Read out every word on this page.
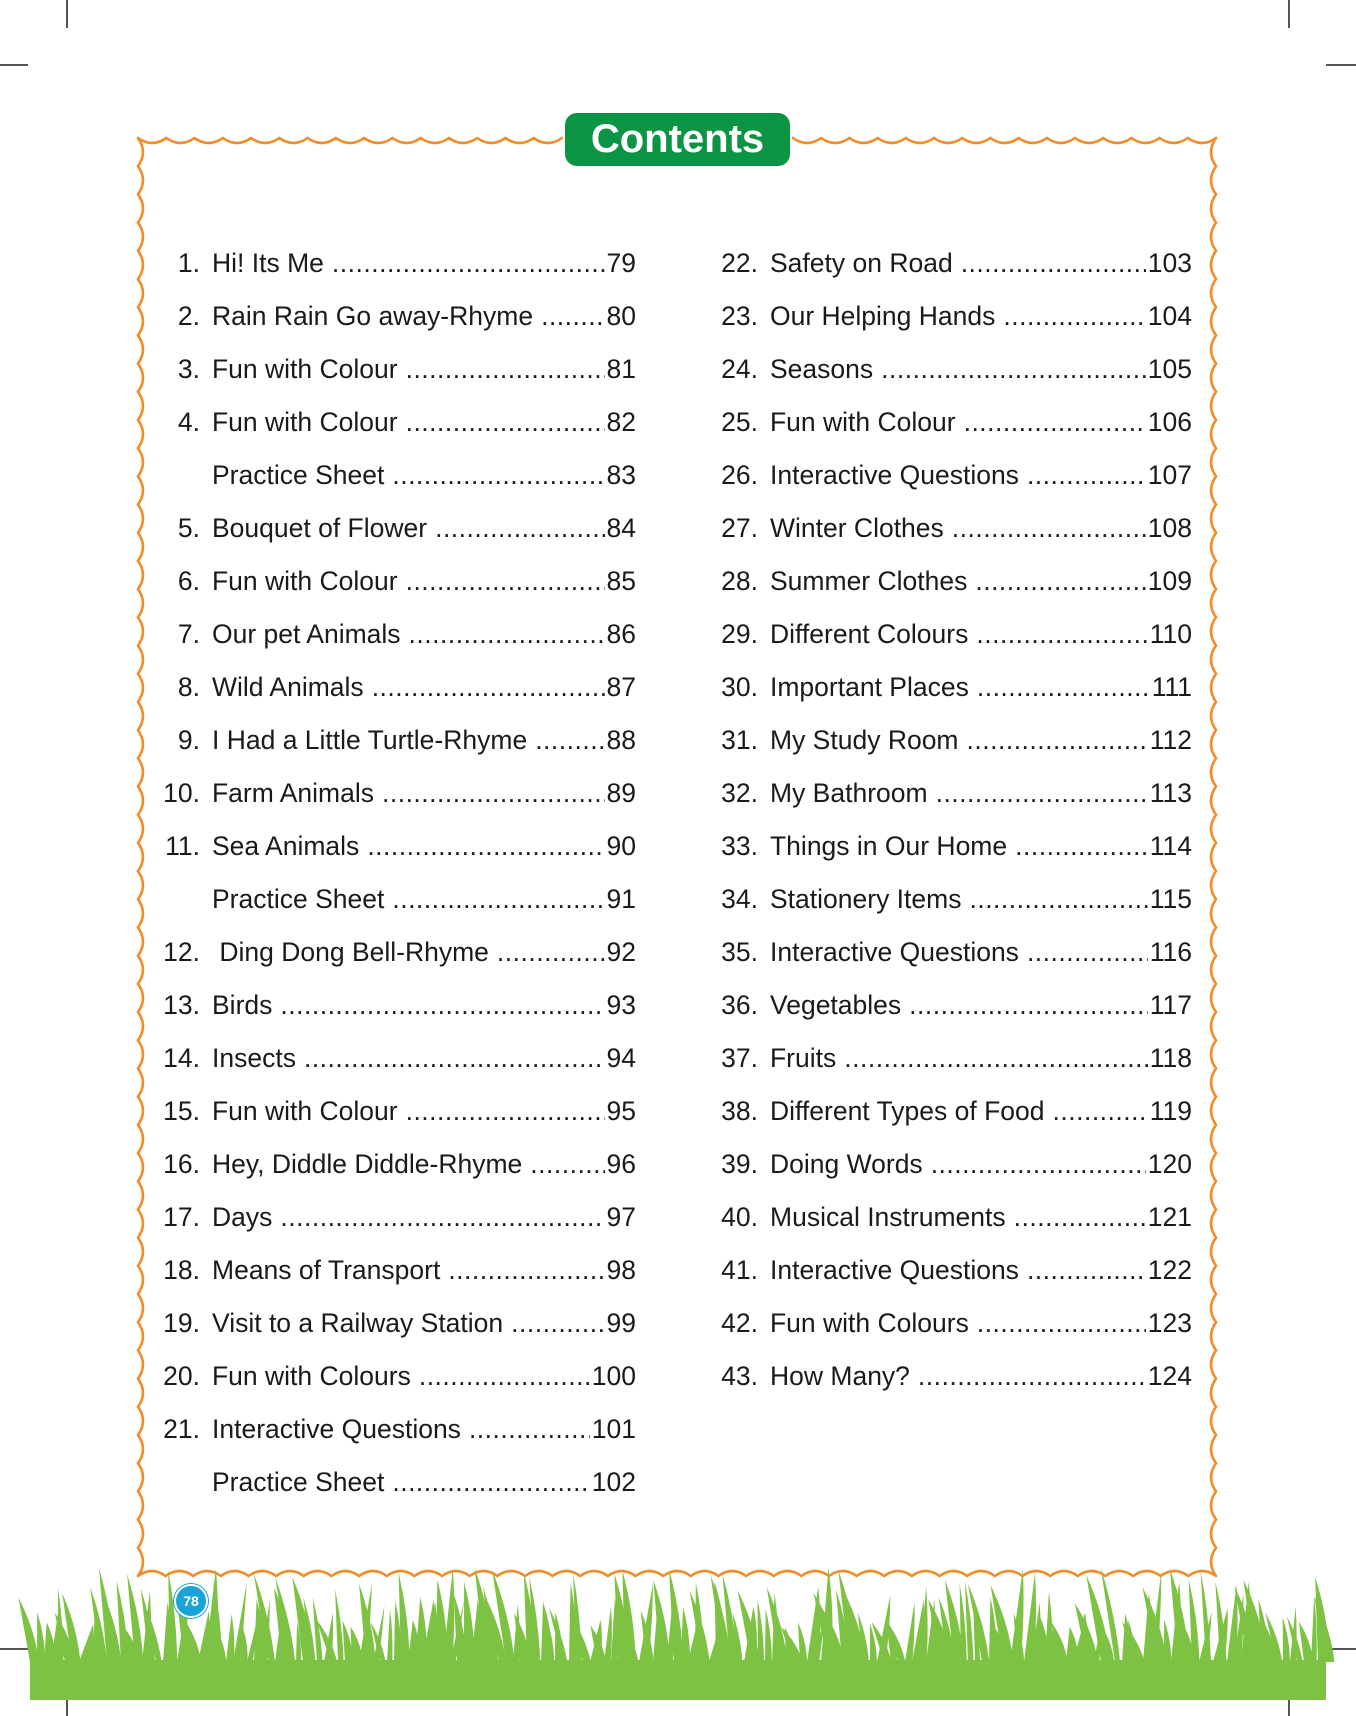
Contents
1. Hi! Its Me .....	79
2. Rain Rain Go away-Rhyme .....	80
3. Fun with Colour .....	81
4. Fun with Colour .....	82
Practice Sheet .....	83
5. Bouquet of Flower .....	84
6. Fun with Colour .....	85
7. Our pet Animals .....	86
8. Wild Animals .....	87
9. I Had a Little Turtle-Rhyme .....	88
10. Farm Animals .....	89
11. Sea Animals .....	90
Practice Sheet .....	91
12. Ding Dong Bell-Rhyme .....	92
13. Birds .....	93
14. Insects .....	94
15. Fun with Colour .....	95
16. Hey, Diddle Diddle-Rhyme .....	96
17. Days .....	97
18. Means of Transport .....	98
19. Visit to a Railway Station .....	99
20. Fun with Colours .....	100
21. Interactive Questions .....	101
Practice Sheet .....	102
22. Safety on Road .....	103
23. Our Helping Hands .....	104
24. Seasons .....	105
25. Fun with Colour .....	106
26. Interactive Questions .....	107
27. Winter Clothes .....	108
28. Summer Clothes .....	109
29. Different Colours .....	110
30. Important Places .....	111
31. My Study Room .....	112
32. My Bathroom .....	113
33. Things in Our Home .....	114
34. Stationery Items .....	115
35. Interactive Questions .....	116
36. Vegetables .....	117
37. Fruits .....	118
38. Different Types of Food .....	119
39. Doing Words .....	120
40. Musical Instruments .....	121
41. Interactive Questions .....	122
42. Fun with Colours .....	123
43. How Many? .....	124
78
